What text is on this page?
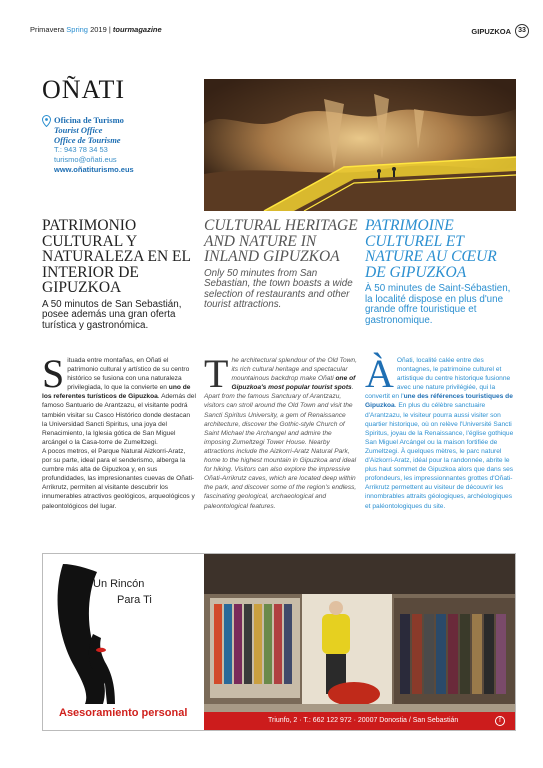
Primavera Spring 2019 | tourmagazine	GIPUZKOA	33
OÑATI
Oficina de Turismo
Tourist Office
Office de Tourisme
T.: 943 78 34 53
turismo@oñati.eus
www.oñatiturismo.eus
PATRIMONIO CULTURAL Y NATURALEZA EN EL INTERIOR DE GIPUZKOA
A 50 minutos de San Sebastián, posee además una gran oferta turística y gastronómica.
CULTURAL HERITAGE AND NATURE IN INLAND GIPUZKOA
Only 50 minutes from San Sebastian, the town boasts a wide selection of restaurants and other tourist attractions.
PATRIMOINE CULTUREL ET NATURE AU CŒUR DE GIPUZKOA
À 50 minutes de Saint-Sébastien, la localité dispose en plus d'une grande offre touristique et gastronomique.
Situada entre montañas, en Oñati el patrimonio cultural y artístico de su centro histórico se fusiona con una naturaleza privilegiada, lo que la convierte en uno de los referentes turísticos de Gipuzkoa. Además del famoso Santuario de Arantzazu, el visitante podrá también visitar su Casco Histórico donde destacan la Universidad Sancti Spiritus, una joya del Renacimiento, la Iglesia gótica de San Miguel arcángel o la Casa-torre de Zumeltzegi.
A pocos metros, el Parque Natural Aizkorri-Aratz, por su parte, ideal para el senderismo, alberga la cumbre más alta de Gipuzkoa y, en sus profundidades, las impresionantes cuevas de Oñati-Arrikrutz, permiten al visitante descubrir los innumerables atractivos geológicos, arqueológicos y paleontológicos del lugar.
The architectural splendour of the Old Town, its rich cultural heritage and spectacular mountainous backdrop make Oñati one of Gipuzkoa's most popular tourist spots. Apart from the famous Sanctuary of Arantzazu, visitors can stroll around the Old Town and visit the Sancti Spiritus University, a gem of Renaissance architecture, discover the Gothic-style Church of Saint Michael the Archangel and admire the imposing Zumeltzegi Tower House. Nearby attractions include the Aizkorri-Aratz Natural Park, home to the highest mountain in Gipuzkoa and ideal for hiking. Visitors can also explore the impressive Oñati-Arrikrutz caves, which are located deep within the park, and discover some of the region's endless, fascinating geological, archaeological and paleontological features.
À Oñati, localité calée entre des montagnes, le patrimoine culturel et artistique du centre historique fusionne avec une nature privilégiée, qui la convertit en l'une des références touristiques de Gipuzkoa. En plus du célèbre sanctuaire d'Arantzazu, le visiteur pourra aussi visiter son quartier historique, où on relève l'Université Sancti Spiritus, joyau de la Renaissance, l'église gothique San Miguel Arcángel ou la maison fortifiée de Zumeltzegi. À quelques mètres, le parc naturel d'Aizkorri-Aratz, idéal pour la randonnée, abrite le plus haut sommet de Gipuzkoa alors que dans ses profondeurs, les impressionnantes grottes d'Oñati-Arrikrutz permettent au visiteur de découvrir les innombrables attraits géologiques, archéologiques et paléontologiques du site.
Un Rincón
Para Ti
Asesoramiento personal
Triunfo, 2 · T.: 662 122 972 · 20007 Donostia / San Sebastián	f
